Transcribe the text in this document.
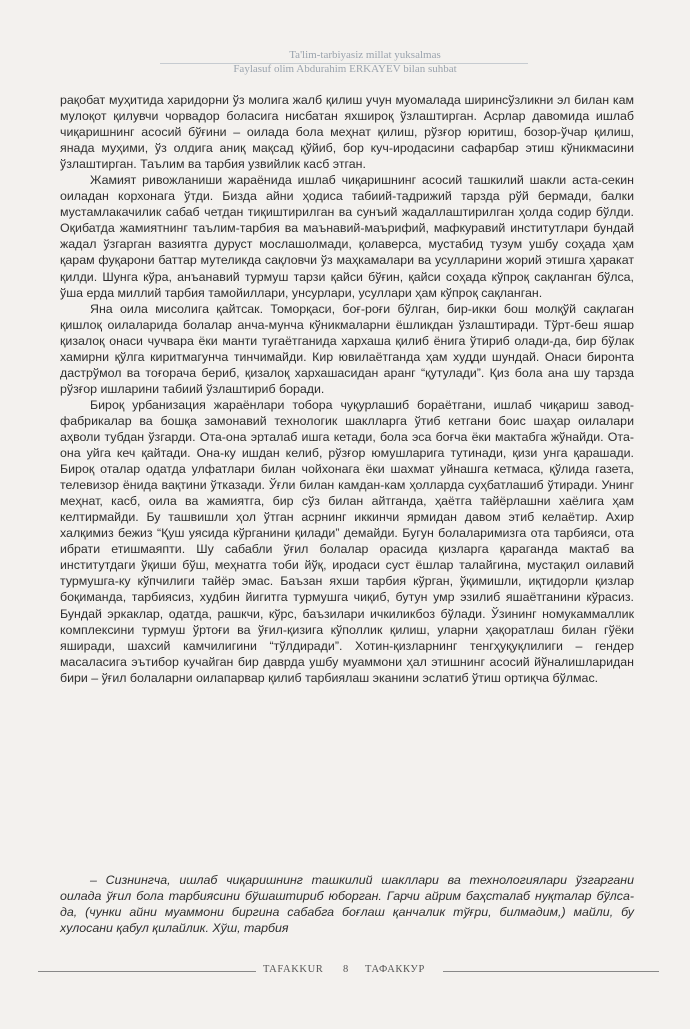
Ta'lim-tarbiyasiz millat yuksalmas
Faylasuf olim Abdurahim ERKAYEV bilan suhbat

рақобат муҳитида харидорни ўз молига жалб қилиш учун муомалада ширинсўзликни эл билан кам мулоқот қилувчи чорвадор боласига нисбатан яхшироқ ўзлаштирган. Асрлар давомида ишлаб чиқаришнинг асосий бўғини – оилада бола меҳнат қилиш, рўзғор юритиш, бозор-ўчар қилиш, янада муҳими, ўз олдига аниқ мақсад қўйиб, бор куч-иродасини сафарбар этиш кўникмасини ўзлаштирган. Таълим ва тарбия узвийлик касб этган.

Жамият ривожланиши жараёнида ишлаб чиқаришнинг асосий ташкилий шакли аста-секин оиладан корхонага ўтди. Бизда айни ҳодиса табиий-тадрижий тарзда рўй бермади, балки мустамлакачилик сабаб четдан тиқиштирилган ва сунъий жадаллаштирилган ҳолда содир бўлди. Оқибатда жамиятнинг таълим-тарбия ва маънавий-маърифий, мафкуравий институтлари бундай жадал ўзгарган вазиятга дуруст мослашолмади, қолаверса, мустабид тузум ушбу соҳада ҳам қарам фуқарони баттар мутеликда сақловчи ўз маҳкамалари ва усулларини жорий этишга ҳаракат қилди. Шунга кўра, анъанавий турмуш тарзи қайси бўғин, қайси соҳада кўпроқ сақланган бўлса, ўша ерда миллий тарбия тамойиллари, унсурлари, усуллари ҳам кўпроқ сақланган.

Яна оила мисолига қайтсак. Томорқаси, боғ-роғи бўлган, бир-икки бош молқўй сақлаган қишлоқ оилаларида болалар анча-мунча кўникмаларни ёшликдан ўзлаштиради. Тўрт-беш яшар қизалоқ онаси чучвара ёки манти тугаётганида хархаша қилиб ёнига ўтириб олади-да, бир бўлак хамирни қўлга киритмагунча тинчимайди. Кир ювилаётганда ҳам худди шундай. Онаси биронта дастрўмол ва тоғорача бериб, қизалоқ хархашасидан аранг “қутулади”. Қиз бола ана шу тарзда рўзғор ишларини табиий ўзлаштириб боради.

Бироқ урбанизация жараёнлари тобора чуқурлашиб бораётгани, ишлаб чиқариш завод-фабрикалар ва бошқа замонавий технологик шаклларга ўтиб кетгани боис шаҳар оилалари аҳволи тубдан ўзгарди. Ота-она эрталаб ишга кетади, бола эса боғча ёки мактабга жўнайди. Ота-она уйга кеч қайтади. Она-ку ишдан келиб, рўзғор юмушларига тутинади, қизи унга қарашади. Бироқ оталар одатда улфатлари билан чойхонага ёки шахмат уйнашга кетмаса, қўлида газета, телевизор ёнида вақтини ўтказади. Ўғли билан камдан-кам ҳолларда суҳбатлашиб ўтиради. Унинг меҳнат, касб, оила ва жамиятга, бир сўз билан айтганда, ҳаётга тайёрлашни хаёлига ҳам келтирмайди. Бу ташвишли ҳол ўтган асрнинг иккинчи ярмидан давом этиб келаётир. Ахир халқимиз бежиз “Қуш уясида кўрганини қилади” демайди. Бугун болаларимизга ота тарбияси, ота ибрати етишмаяпти. Шу сабабли ўғил болалар орасида қизларга қараганда мактаб ва институтдаги ўқиши бўш, меҳнатга тоби йўқ, иродаси суст ёшлар талайгина, мустақил оилавий турмушга-ку кўпчилиги тайёр эмас. Баъзан яхши тарбия кўрган, ўқимишли, иқтидорли қизлар боқиманда, тарбиясиз, худбин йигитга турмушга чиқиб, бутун умр эзилиб яшаётганини кўрасиз. Бундай эркаклар, одатда, рашкчи, кўрс, баъзилари ичкиликбоз бўлади. Ўзининг номукаммаллик комплексини турмуш ўртоғи ва ўғил-қизига кўполлик қилиш, уларни ҳақоратлаш билан гўёки яширади, шахсий камчилигини “тўлдиради”. Хотин-қизларнинг тенгҳуқуқлилиги – гендер масаласига эътибор кучайган бир даврда ушбу муаммони ҳал этишнинг асосий йўналишларидан бири – ўғил болаларни оилапарвар қилиб тарбиялаш эканини эслатиб ўтиш ортиқча бўлмас.

– Сизнингча, ишлаб чиқаришнинг ташкилий шакллари ва технологиялари ўзгаргани оилада ўғил бола тарбиясини бўшаштириб юборган. Гарчи айрим баҳсталаб нуқталар бўлса-да, (чунки айни муаммони биргина сабабга боғлаш қанчалик тўғри, билмадим,) майли, бу хулосани қабул қилайлик. Хўш, тарбия

TAFAKKUR 8 ТАФАККУР
